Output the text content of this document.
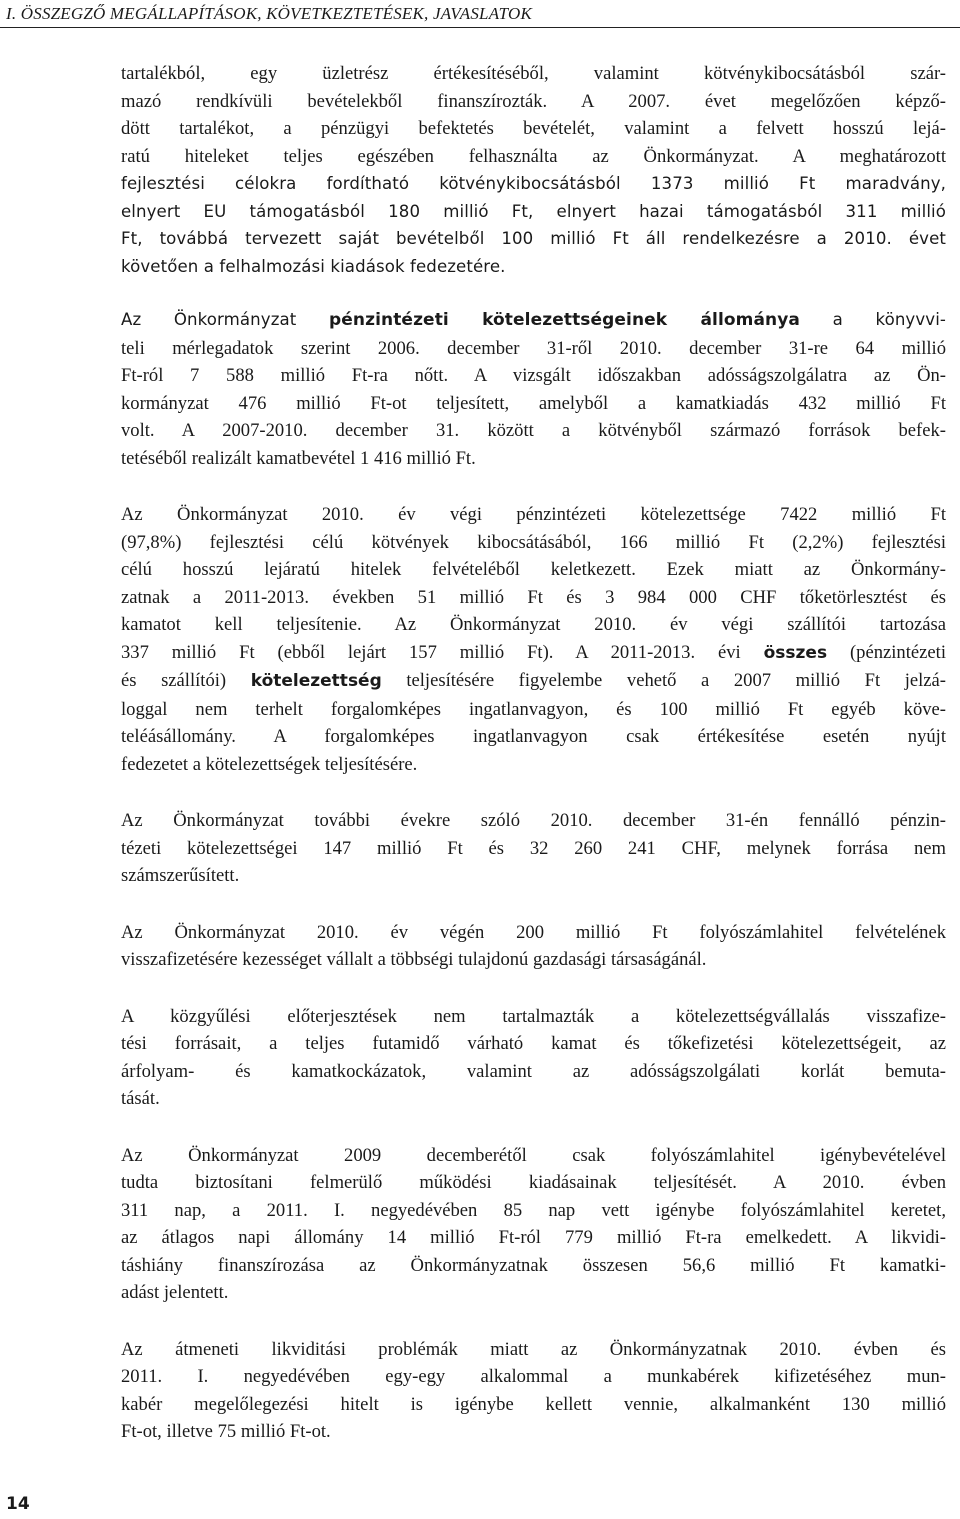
I. ÖSSZEGZŐ MEGÁLLAPÍTÁSOK, KÖVETKEZTETÉSEK, JAVASLATOK

tartalékból, egy üzletrész értékesítéséből, valamint kötvénykibocsátásból szár-
mazó rendkívüli bevételekből finanszírozták. A 2007. évet megelőzően képző-
dött tartalékot, a pénzügyi befektetés bevételét, valamint a felvett hosszú lejá-
ratú hiteleket teljes egészében felhasználta az Önkormányzat. A meghatározott
fejlesztési célokra fordítható kötvénykibocsátásból 1373 millió Ft maradvány,
elnyert EU támogatásból 180 millió Ft, elnyert hazai támogatásból 311 millió
Ft, továbbá tervezett saját bevételből 100 millió Ft áll rendelkezésre a 2010. évet
követően a felhalmozási kiadások fedezetére.

Az Önkormányzat pénzintézeti kötelezettségeinek állománya a könyvvi-
teli mérlegadatok szerint 2006. december 31-ről 2010. december 31-re 64 millió
Ft-ról 7 588 millió Ft-ra nőtt. A vizsgált időszakban adósságszolgálatra az Ön-
kormányzat 476 millió Ft-ot teljesített, amelyből a kamatkiadás 432 millió Ft
volt. A 2007-2010. december 31. között a kötvényből származó források befek-
tetéséből realizált kamatbevétel 1 416 millió Ft.

Az Önkormányzat 2010. év végi pénzintézeti kötelezettsége 7422 millió Ft
(97,8%) fejlesztési célú kötvények kibocsátásából, 166 millió Ft (2,2%) fejlesztési
célú hosszú lejáratú hitelek felvételéből keletkezett. Ezek miatt az Önkormány-
zatnak a 2011-2013. években 51 millió Ft és 3 984 000 CHF tőketörlesztést és
kamatot kell teljesítenie. Az Önkormányzat 2010. év végi szállítói tartozása
337 millió Ft (ebből lejárt 157 millió Ft). A 2011-2013. évi összes (pénzintézeti
és szállítói) kötelezettség teljesítésére figyelembe vehető a 2007 millió Ft jelzá-
loggal nem terhelt forgalomképes ingatlanvagyon, és 100 millió Ft egyéb köve-
teléásállomány. A forgalomképes ingatlanvagyon csak értékesítése esetén nyújt
fedezetet a kötelezettségek teljesítésére.

Az Önkormányzat további évekre szóló 2010. december 31-én fennálló pénzin-
tézeti kötelezettségei 147 millió Ft és 32 260 241 CHF, melynek forrása nem
számszerűsített.

Az Önkormányzat 2010. év végén 200 millió Ft folyószámlahitel felvételének
visszafizetésére kezességet vállalt a többségi tulajdonú gazdasági társaságánál.

A közgyűlési előterjesztések nem tartalmazták a kötelezettségvállalás visszafize-
tési forrásait, a teljes futamidő várható kamat és tőkefizetési kötelezettségeit, az
árfolyam- és kamatkockázatok, valamint az adósságszolgálati korlát bemuta-
tását.

Az Önkormányzat 2009 decemberétől csak folyószámlahitel igénybevételével
tudta biztosítani felmerülő működési kiadásainak teljesítését. A 2010. évben
311 nap, a 2011. I. negyedévében 85 nap vett igénybe folyószámlahitel keretet,
az átlagos napi állomány 14 millió Ft-ról 779 millió Ft-ra emelkedett. A likvidi-
táshiány finanszírozása az Önkormányzatnak összesen 56,6 millió Ft kamatki-
adást jelentett.

Az átmeneti likviditási problémák miatt az Önkormányzatnak 2010. évben és
2011. I. negyedévében egy-egy alkalommal a munkabérek kifizetéséhez mun-
kabér megelőlegezési hitelt is igénybe kellett vennie, alkalmanként 130 millió
Ft-ot, illetve 75 millió Ft-ot.

14
